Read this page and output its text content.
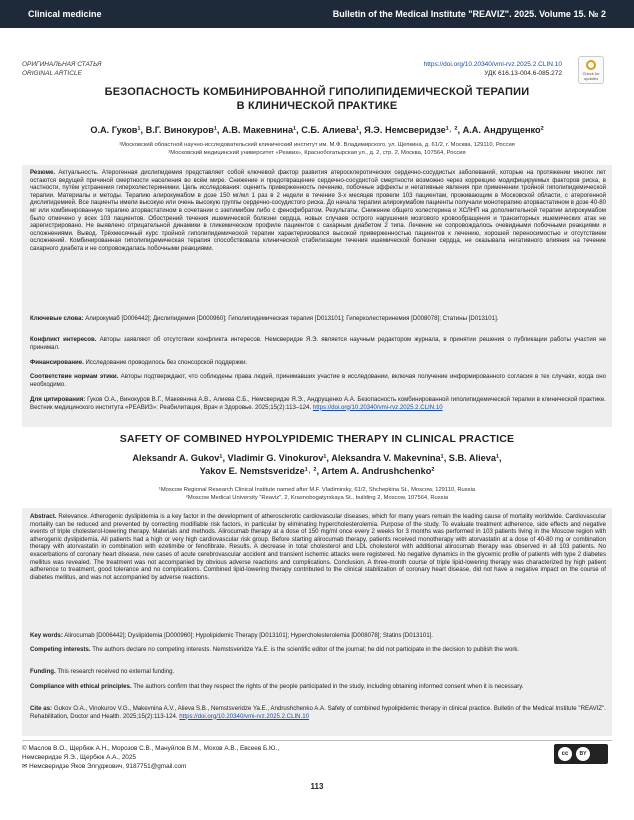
Clinical medicine	Bulletin of the Medical Institute "REAVIZ". 2025. Volume 15. № 2
ОРИГИНАЛЬНАЯ СТАТЬЯ
ORIGINAL ARTICLE
https://doi.org/10.20340/vmi-rvz.2025.2.CLIN.10
УДК 616.13-004.6-085.272	Check for updates
БЕЗОПАСНОСТЬ КОМБИНИРОВАННОЙ ГИПОЛИПИДЕМИЧЕСКОЙ ТЕРАПИИ
В КЛИНИЧЕСКОЙ ПРАКТИКЕ
О.А. Гуков¹, В.Г. Винокуров¹, А.В. Макевнина¹, С.Б. Алиева¹, Я.Э. Немсверидзе¹˒ ², А.А. Андрущенко²
¹Московский областной научно-исследовательский клинический институт им. М.Ф. Владимирского, ул. Щепкина, д. 61/2, г. Москва, 129110, Россия
²Московский медицинский университет «Реавиз», Краснобогатырская ул., д. 2, стр. 2, Москва, 107564, Россия
Резюме. Актуальность. Атерогенная дислипидемия представляет собой ключевой фактор развития атеросклеротических сердечно-сосудистых заболеваний, которые на протяжении многих лет остаются ведущей причиной смертности населения во всём мире. Снижение и предотвращение сердечно-сосудистой смертности возможно через коррекцию модифицируемых факторов риска, в частности, путём устранения гиперхолестеринемии. Цель исследования: оценить приверженность лечению, побочные эффекты и негативные явления при применении тройной гиполипидемической терапии. Материалы и методы. Терапию алирокумабом в дозе 150 мг/мл 1 раз в 2 недели в течение 3-х месяцев провели 103 пациентам, проживающим в Московской области, с атерогенной дислипидемией. Все пациенты имели высокую или очень высокую группы сердечно-сосудистого риска. До начала терапии алирокумабом пациенты получали монотерапию аторвастатином в дозе 40-80 мг или комбинированную терапию аторвастатином в сочетании с эзетимибом либо с фенофибратом. Результаты. Снижение общего холестерина и ХСЛНП на дополнительной терапии алирокумабом было отмечено у всех 103 пациентов. Обострений течения ишемической болезни сердца, новых случаев острого нарушения мозгового кровообращения и транзиторных ишемических атак не зарегистрировано. Не выявлено отрицательной динамики в гликемическом профиле пациентов с сахарным диабетом 2 типа. Лечение не сопровождалось очевидными побочными реакциями и осложнениями. Вывод. Трёхмесячный курс тройной гиполипидемической терапии характеризовался высокой приверженностью пациентов к лечению, хорошей переносимостью и отсутствием осложнений. Комбинированная гиполипидемическая терапия способствовала клинической стабилизации течения ишемической болезни сердца, не оказывала негативного влияния на течение сахарного диабета и не сопровождалась побочными реакциями.
Ключевые слова: Алирокумаб [D006442]; Дислипидемия [D000960]; Гиполипидемическая терапия [D013101]; Гиперхолестеринемия [D008078]; Статины [D013101].
Конфликт интересов. Авторы заявляют об отсутствии конфликта интересов. Немсверидзе Я.Э. является научным редактором журнала, в принятии решения о публикации работы участия не принимал.
Финансирование. Исследование проводилось без спонсорской поддержки.
Соответствие нормам этики. Авторы подтверждают, что соблюдены права людей, принимавших участие в исследовании, включая получение информированного согласия в тех случаях, когда оно необходимо.
Для цитирования: Гуков О.А., Винокуров В.Г., Макевнина А.В., Алиева С.Б., Немсверидзе Я.Э., Андрущенко А.А. Безопасность комбинированной гиполипидемической терапии в клинической практике. Вестник медицинского института «РЕАВИЗ»: Реабилитация, Врач и Здоровье. 2025;15(2):113–124. https://doi.org/10.20340/vmi-rvz.2025.2.CLIN.10
SAFETY OF COMBINED HYPOLYPIDEMIC THERAPY IN CLINICAL PRACTICE
Aleksandr A. Gukov¹, Vladimir G. Vinokurov¹, Aleksandra V. Makevnina¹, S.B. Alieva¹,
Yakov E. Nemstsveridze¹˒ ², Artem A. Andrushchenko²
¹Moscow Regional Research Clinical Institute named after M.F. Vladimirsky, 61/2, Shchepkina St., Moscow, 129110, Russia
²Moscow Medical University "Reaviz", 2, Krasnobogatyrskaya St., building 2, Moscow, 107564, Russia
Abstract. Relevance. Atherogenic dyslipidemia is a key factor in the development of atherosclerotic cardiovascular diseases, which for many years remain the leading cause of mortality worldwide. Cardiovascular mortality can be reduced and prevented by correcting modifiable risk factors, in particular by eliminating hypercholesterolemia. Purpose of the study. To evaluate treatment adherence, side effects and negative events of triple cholesterol-lowering therapy. Materials and methods. Alirocumab therapy at a dose of 150 mg/ml once every 2 weeks for 3 months was performed in 103 patients living in the Moscow region with atherogenic dyslipidemia. All patients had a high or very high cardiovascular risk group. Before starting alirocumab therapy, patients received monotherapy with atorvastatin at a dose of 40-80 mg or combination therapy with atorvastatin in combination with ezetimibe or fenofibrate. Results. A decrease in total cholesterol and LDL cholesterol with additional alirocumab therapy was observed in all 103 patients. No exacerbations of coronary heart disease, new cases of acute cerebrovascular accident and transient ischemic attacks were registered. No negative dynamics in the glycemic profile of patients with type 2 diabetes mellitus was revealed. The treatment was not accompanied by obvious adverse reactions and complications. Conclusion. A three-month course of triple lipid-lowering therapy was characterized by high patient adherence to treatment, good tolerance and no complications. Combined lipid-lowering therapy contributed to the clinical stabilization of coronary heart disease, did not have a negative impact on the course of diabetes mellitus, and was not accompanied by adverse reactions.
Key words: Alirocumab [D006442]; Dyslipidemia [D000960]; Hypolipidemic Therapy [D013101]; Hypercholesterolemia [D008078]; Statins [D013101].
Competing interests. The authors declare no competing interests. Nemstsveridze Ya.E. is the scientific editor of the journal; he did not participate in the decision to publish the work.
Funding. This research received no external funding.
Compliance with ethical principles. The authors confirm that they respect the rights of the people participated in the study, including obtaining informed consent when it is necessary.
Cite as: Gukov O.A., Vinokurov V.G., Makevnina A.V., Alieva S.B., Nemstsveridze Ya.E., Andrushchenko A.A. Safety of combined hypolipidemic therapy in clinical practice. Bulletin of the Medical Institute "REAVIZ". Rehabilitation, Doctor and Health. 2025;15(2):113-124. https://doi.org/10.20340/vmi-rvz.2025.2.CLIN.10
© Маслов В.О., Щербюк А.Н., Морозов С.В., Мануйлов В.М., Мохов А.В., Евсеев Б.Ю.,
Немсверидзе Я.Э., Щербюк А.А., 2025
✉ Немсверидзе Яков Элгуджович, 9187751@gmail.com
cc	BY
113
